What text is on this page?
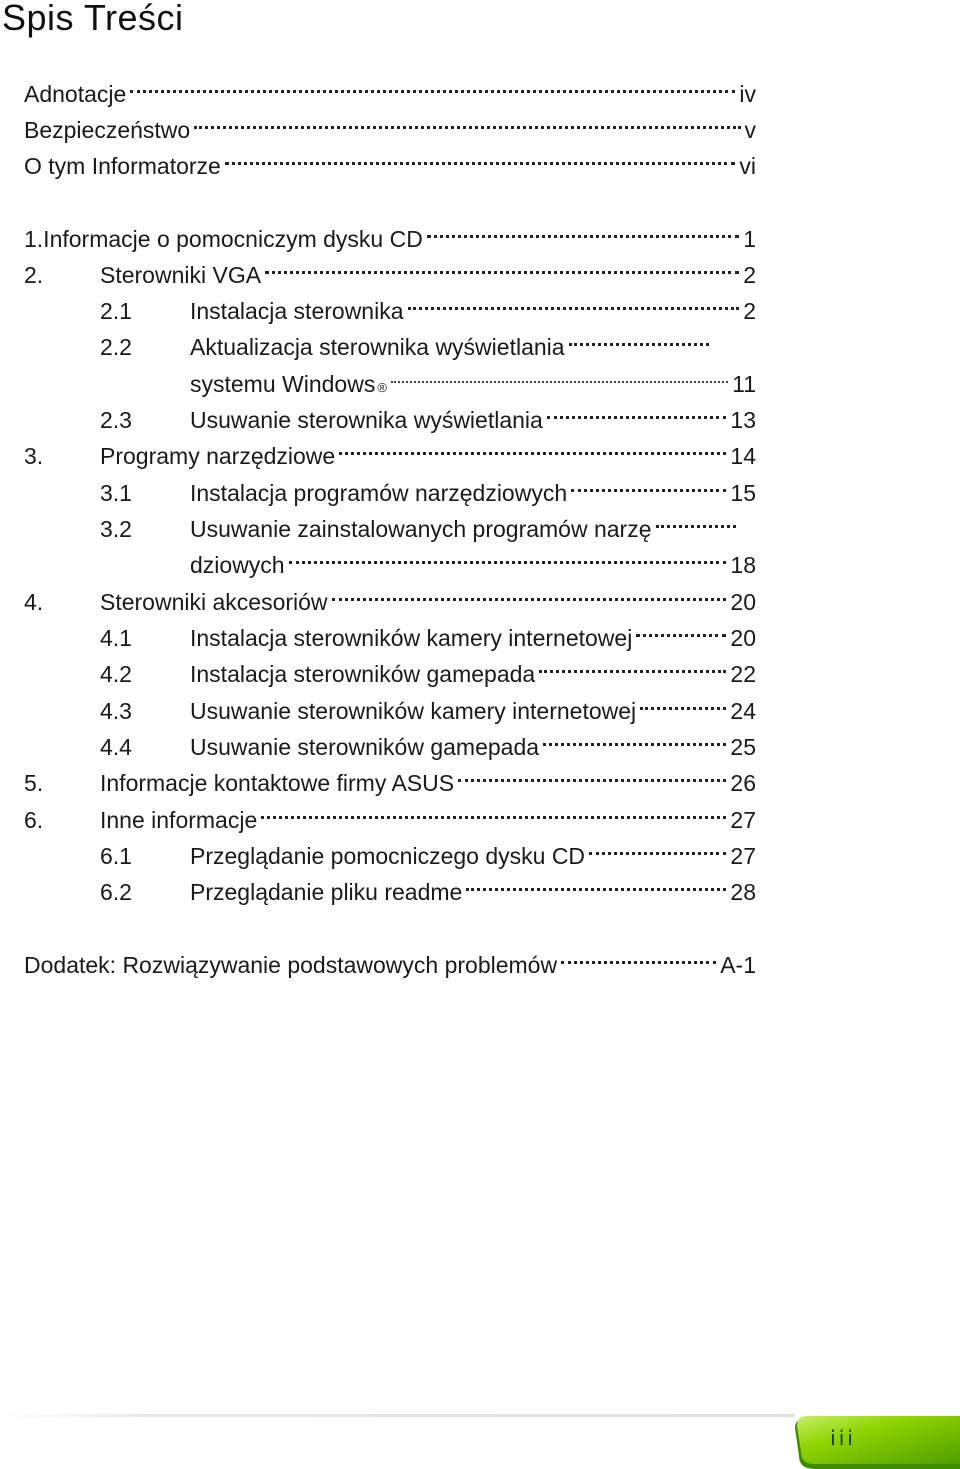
Spis Treści
Adnotacje	iv
Bezpieczeństwo	v
O tym Informatorze	vi
1.Informacje o pomocniczym dysku CD	1
2.	Sterowniki VGA	2
2.1	Instalacja sterownika	2
2.2	Aktualizacja sterownika wyświetlania
systemu Windows ®	11
2.3	Usuwanie sterownika wyświetlania	13
3.	Programy narzędziowe	14
3.1	Instalacja programów narzędziowych	15
3.2	Usuwanie zainstalowanych programów narzę
dziowych	18
4.	Sterowniki akcesoriów	20
4.1	Instalacja sterowników kamery internetowej	20
4.2	Instalacja sterowników gamepada	22
4.3	Usuwanie sterowników kamery internetowej	24
4.4	Usuwanie sterowników gamepada	25
5.	Informacje kontaktowe firmy ASUS	26
6.	Inne informacje	27
6.1	Przeglądanie pomocniczego dysku CD	27
6.2	Przeglądanie pliku readme	28
Dodatek: Rozwiązywanie podstawowych problemów	A-1
iii
